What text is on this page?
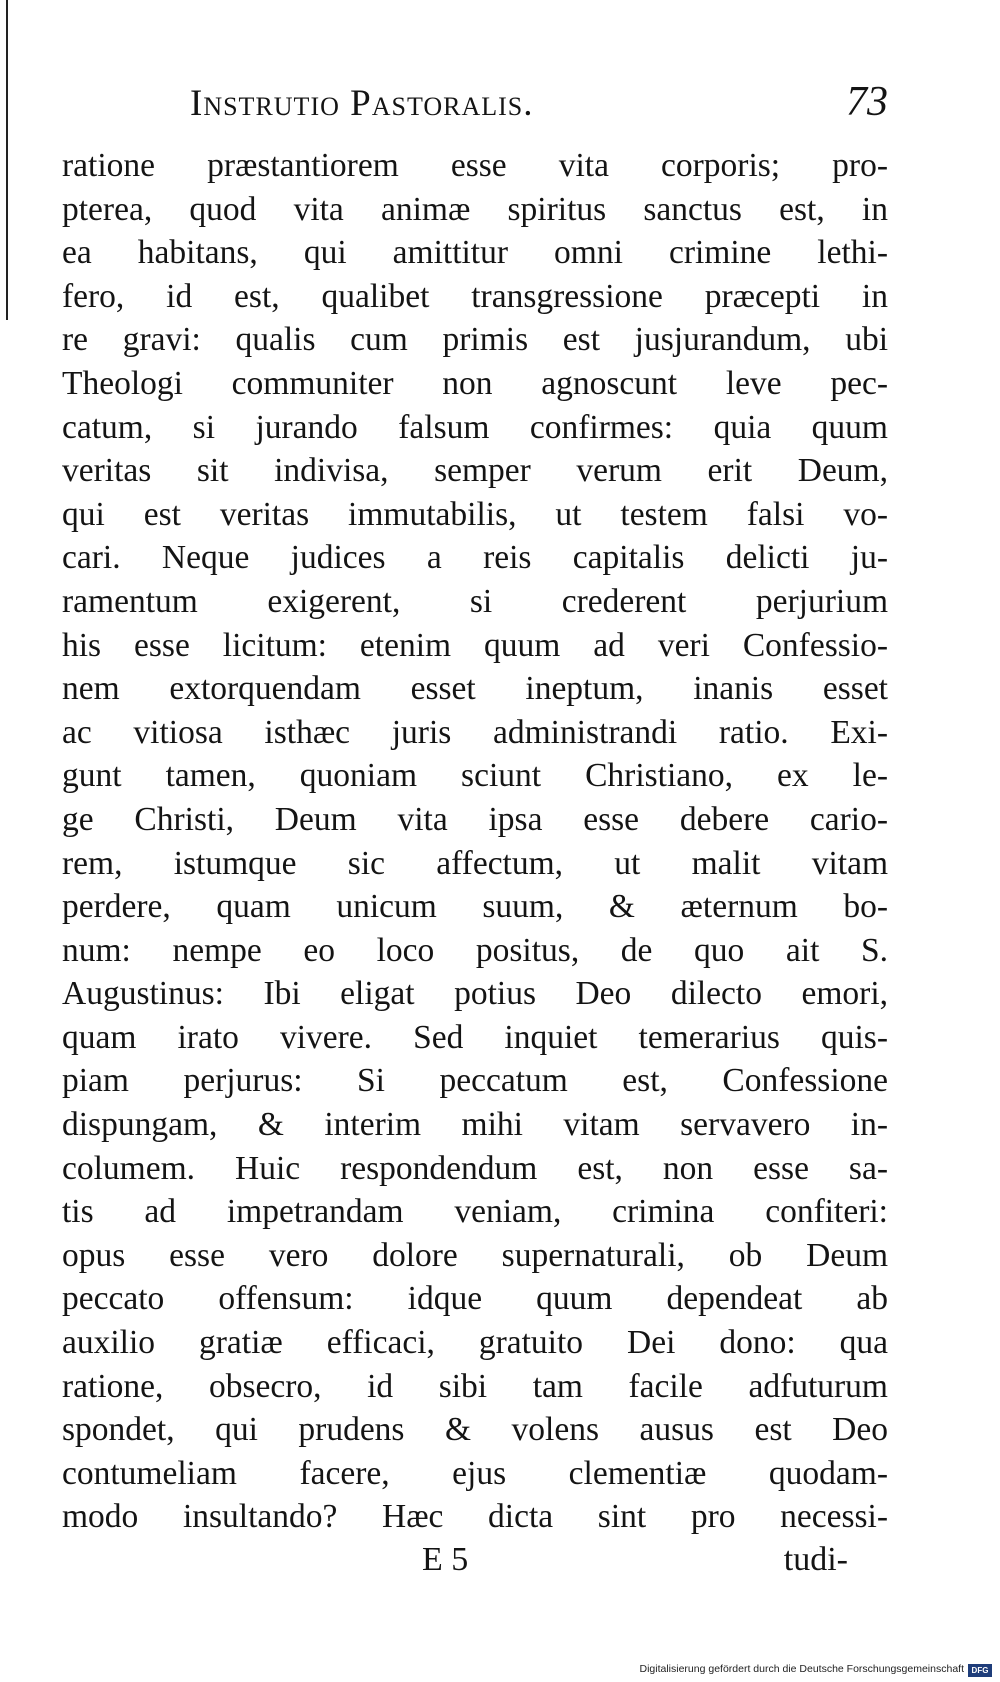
Instrutio Pastoralis.	73
ratione præstantiorem esse vita corporis; pro-
pterea, quod vita animæ spiritus sanctus est, in
ea habitans, qui amittitur omni crimine lethi-
fero, id est, qualibet transgressione præcepti in
re gravi: qualis cum primis est jusjurandum, ubi
Theologi communiter non agnoscunt leve pec-
catum, si jurando falsum confirmes: quia quum
veritas sit indivisa, semper verum erit Deum,
qui est veritas immutabilis, ut testem falsi vo-
cari. Neque judices a reis capitalis delicti ju-
ramentum exigerent, si crederent perjurium
his esse licitum: etenim quum ad veri Confessio-
nem extorquendam esset ineptum, inanis esset
ac vitiosa isthæc juris administrandi ratio. Exi-
gunt tamen, quoniam sciunt Christiano, ex le-
ge Christi, Deum vita ipsa esse debere cario-
rem, istumque sic affectum, ut malit vitam
perdere, quam unicum suum, & æternum bo-
num: nempe eo loco positus, de quo ait S.
Augustinus: Ibi eligat potius Deo dilecto emori,
quam irato vivere. Sed inquiet temerarius quis-
piam perjurus: Si peccatum est, Confessione
dispungam, & interim mihi vitam servavero in-
columem. Huic respondendum est, non esse sa-
tis ad impetrandam veniam, crimina confiteri:
opus esse vero dolore supernaturali, ob Deum
peccato offensum: idque quum dependeat ab
auxilio gratiæ efficaci, gratuito Dei dono: qua
ratione, obsecro, id sibi tam facile adfuturum
spondet, qui prudens & volens ausus est Deo
contumeliam facere, ejus clementiæ quodam-
modo insultando? Hæc dicta sint pro necessi-
E 5	tudi-
Digitalisierung gefördert durch die Deutsche Forschungsgemeinschaft DFG
